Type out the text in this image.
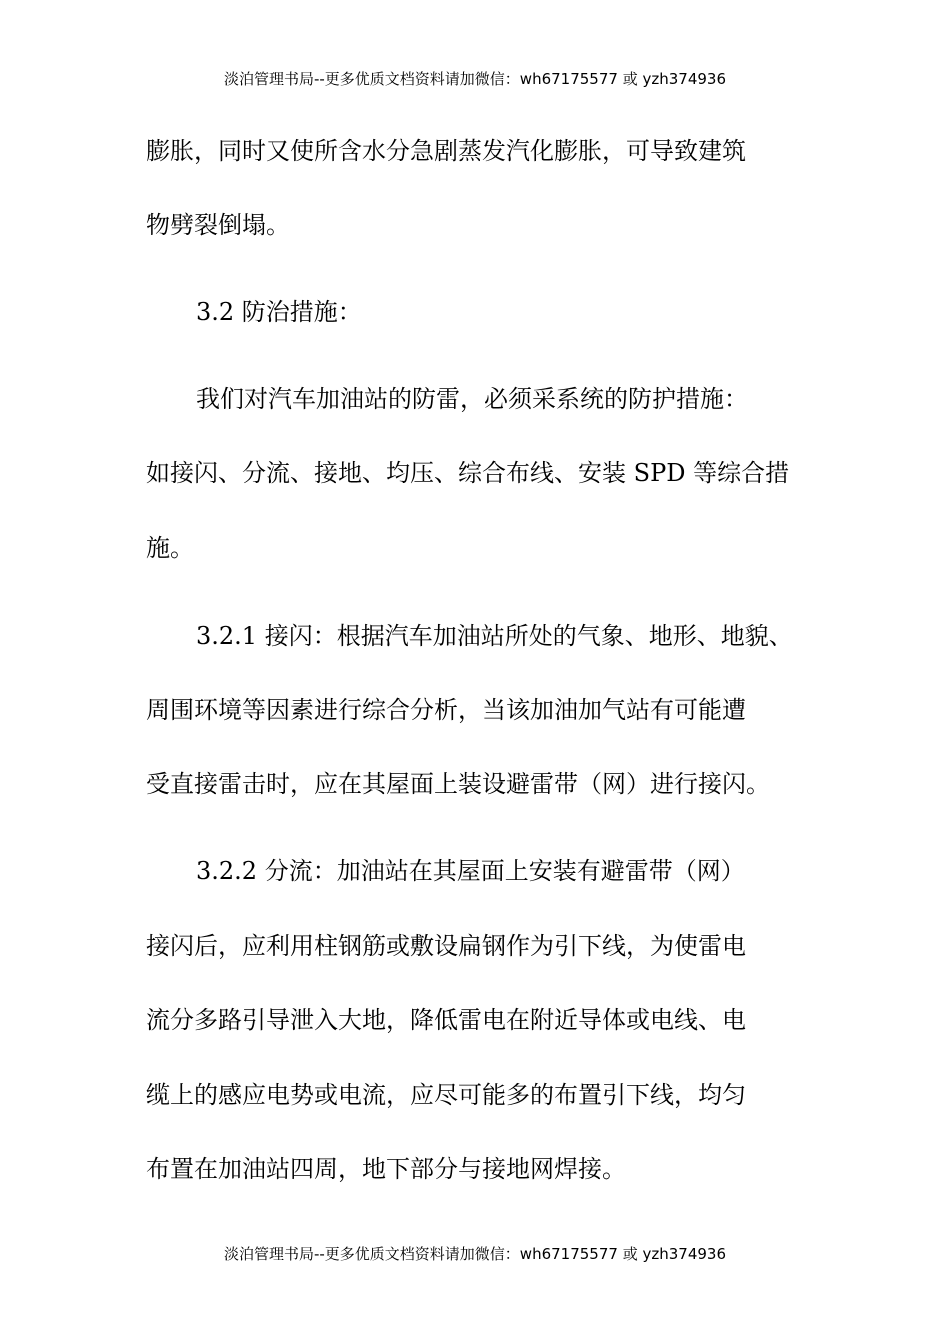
淡泊管理书局--更多优质文档资料请加微信：wh67175577 或 yzh374936
膨胀，同时又使所含水分急剧蒸发汽化膨胀，可导致建筑
物劈裂倒塌。
3.2 防治措施：
我们对汽车加油站的防雷，必须采系统的防护措施：
如接闪、分流、接地、均压、综合布线、安装 SPD 等综合措
施。
3.2.1 接闪：根据汽车加油站所处的气象、地形、地貌、
周围环境等因素进行综合分析，当该加油加气站有可能遭
受直接雷击时，应在其屋面上装设避雷带（网）进行接闪。
3.2.2 分流：加油站在其屋面上安装有避雷带（网）
接闪后，应利用柱钢筋或敷设扁钢作为引下线，为使雷电
流分多路引导泄入大地，降低雷电在附近导体或电线、电
缆上的感应电势或电流，应尽可能多的布置引下线，均匀
布置在加油站四周，地下部分与接地网焊接。
淡泊管理书局--更多优质文档资料请加微信：wh67175577 或 yzh374936
